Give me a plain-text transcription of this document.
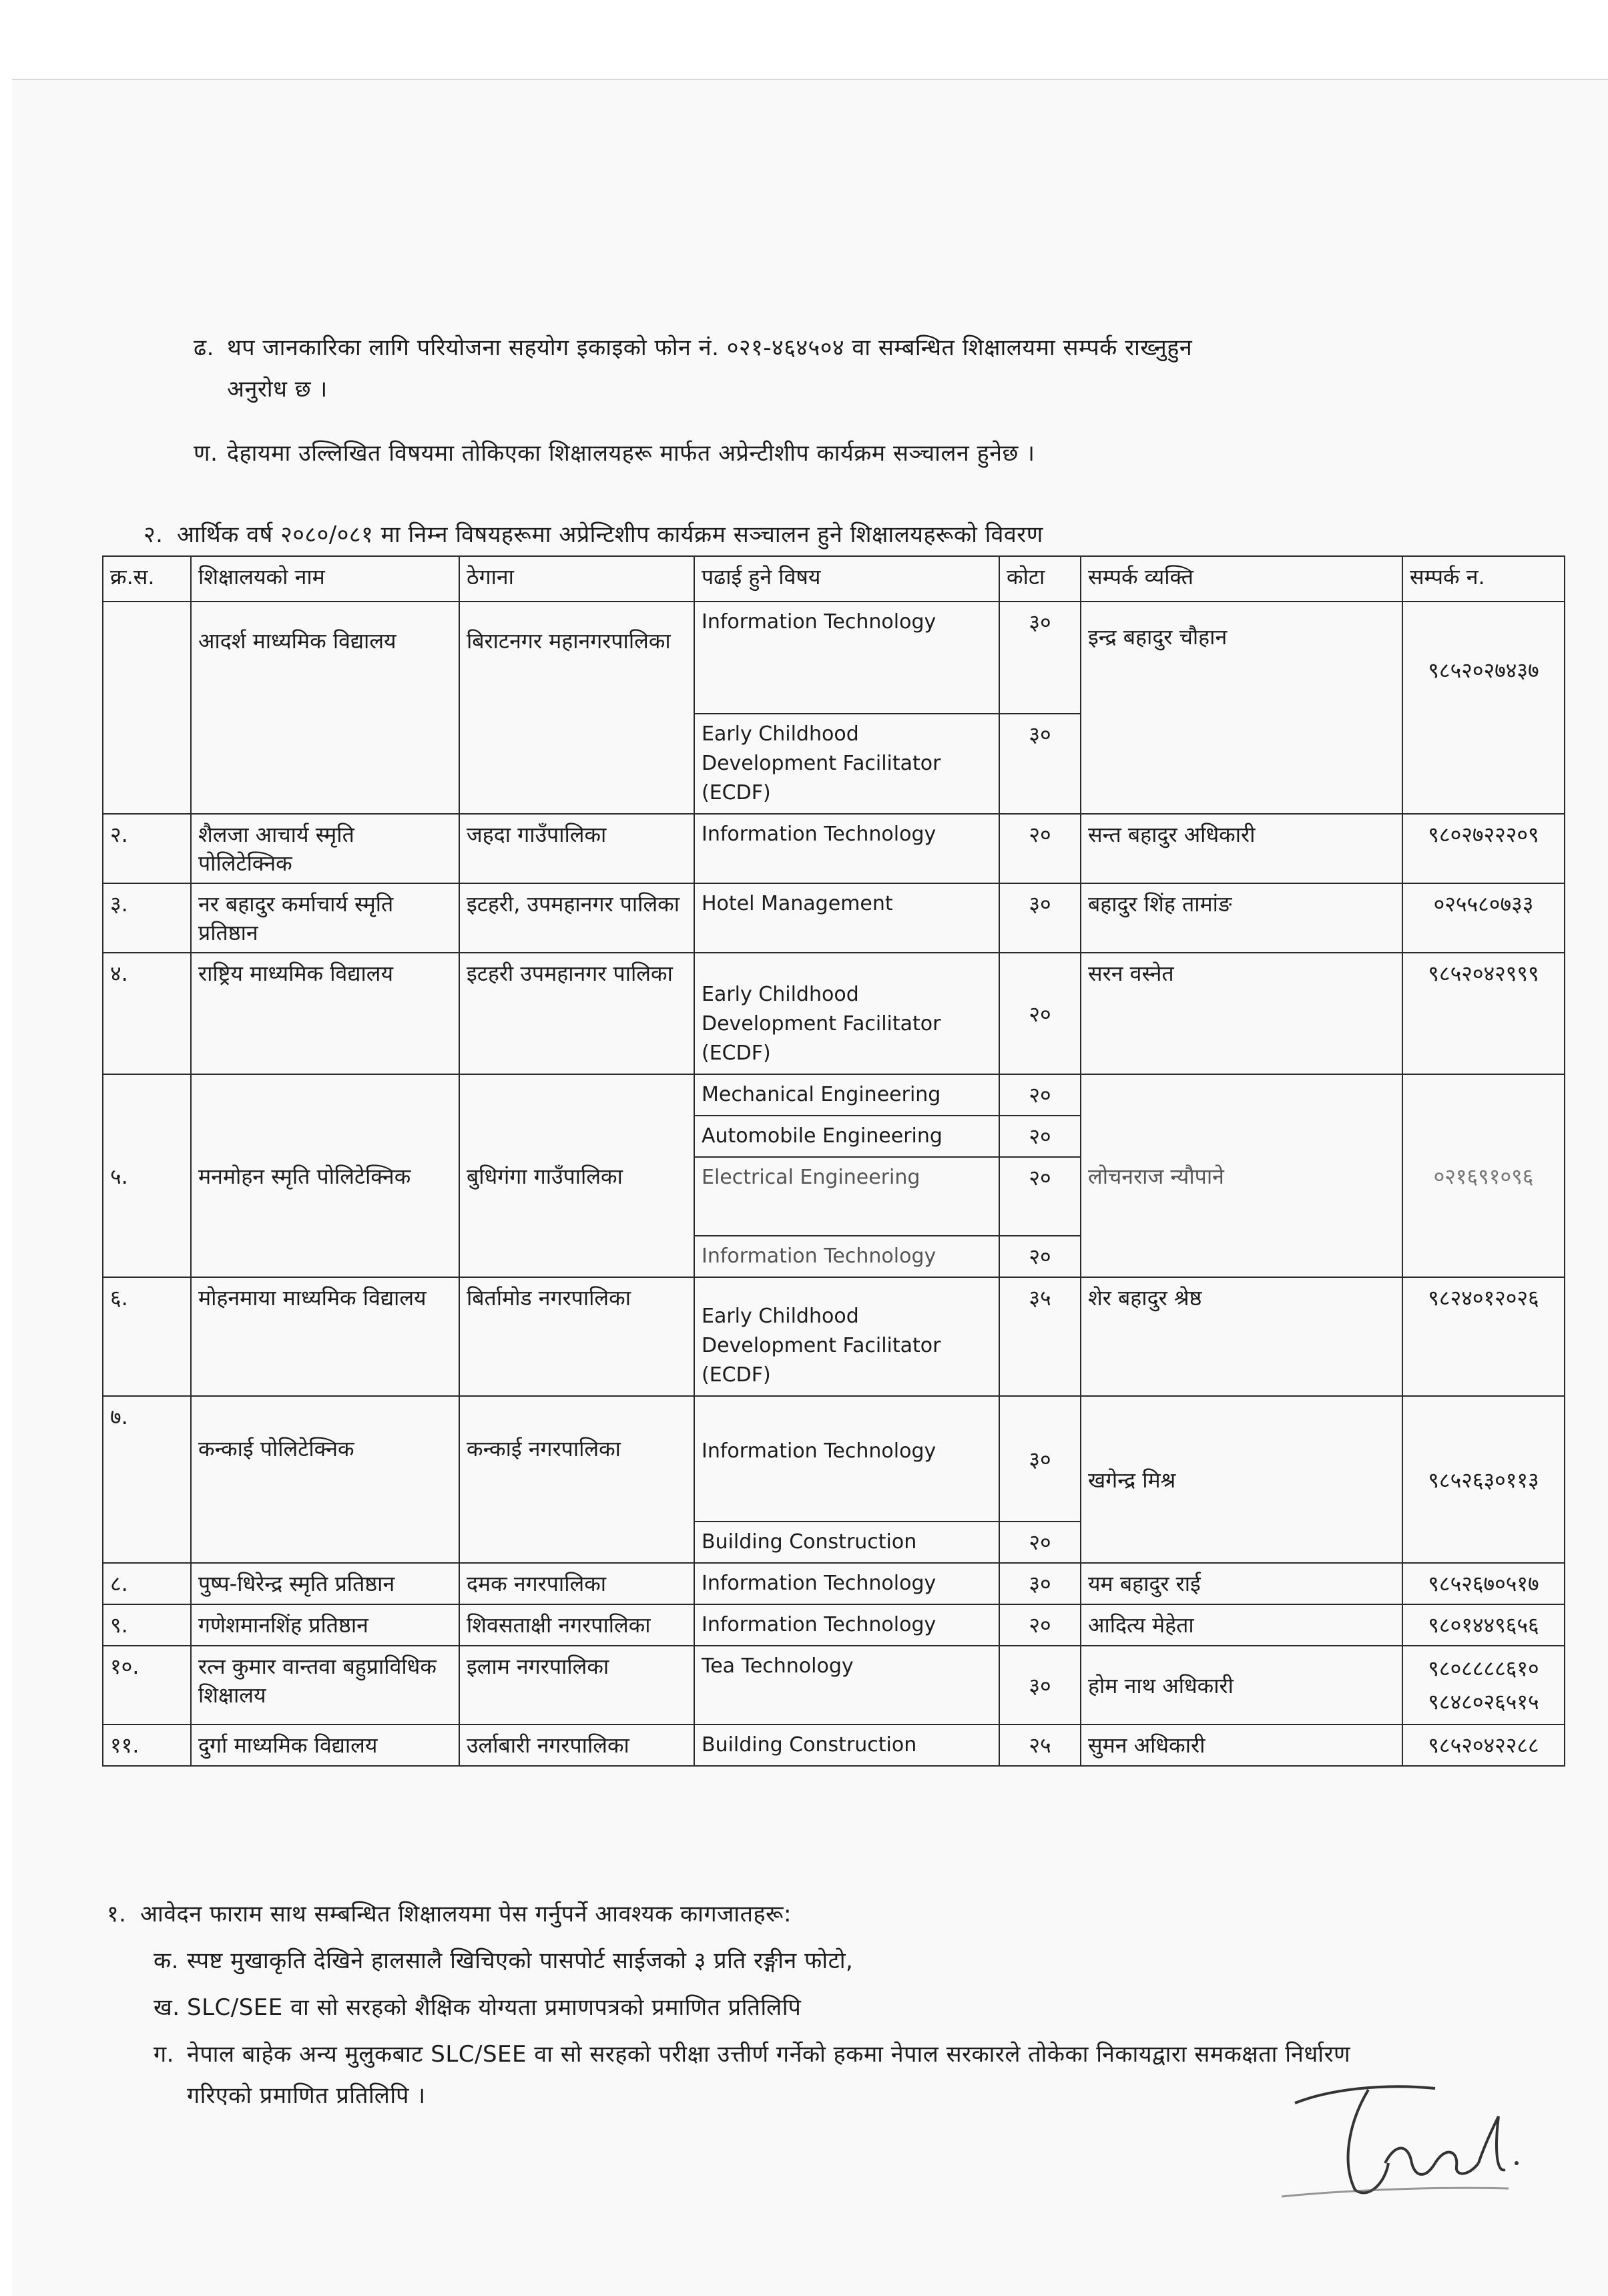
ढ. थप जानकारिका लागि परियोजना सहयोग इकाइको फोन नं. ०२१-४६४५०४ वा सम्बन्धित शिक्षालयमा सम्पर्क राख्नुहुन
अनुरोध छ ।
ण. देहायमा उल्लिखित विषयमा तोकिएका शिक्षालयहरू मार्फत अप्रेन्टीशीप कार्यक्रम सञ्चालन हुनेछ ।
२. आर्थिक वर्ष २०८०/०८१ मा निम्न विषयहरूमा अप्रेन्टिशीप कार्यक्रम सञ्चालन हुने शिक्षालयहरूको विवरण
क्र.स.	शिक्षालयको नाम	ठेगाना	पढाई हुने विषय	कोटा	सम्पर्क व्यक्ति	सम्पर्क न.
	आदर्श माध्यमिक विद्यालय	बिराटनगर महानगरपालिका	Information Technology	३०	इन्द्र बहादुर चौहान	९८५२०२७४३७
			Early Childhood Development Facilitator (ECDF)	३०		
२.	शैलजा आचार्य स्मृति पोलिटेक्निक	जहदा गाउँपालिका	Information Technology	२०	सन्त बहादुर अधिकारी	९८०२७२२२०९
३.	नर बहादुर कर्माचार्य स्मृति प्रतिष्ठान	इटहरी, उपमहानगर पालिका	Hotel Management	३०	बहादुर शिंह तामांङ	०२५५८०७३३
४.	राष्ट्रिय माध्यमिक विद्यालय	इटहरी उपमहानगर पालिका	Early Childhood Development Facilitator (ECDF)	२०	सरन वस्नेत	९८५२०४२९९९
५.	मनमोहन स्मृति पोलिटेक्निक	बुधिगंगा गाउँपालिका	Mechanical Engineering	२०	लोचनराज न्यौपाने	०२१६९१०९६
			Automobile Engineering	२०		
			Electrical Engineering	२०		
			Information Technology	२०		
६.	मोहनमाया माध्यमिक विद्यालय	बिर्तामोड नगरपालिका	Early Childhood Development Facilitator (ECDF)	३५	शेर बहादुर श्रेष्ठ	९८२४०१२०२६
७.	कन्काई पोलिटेक्निक	कन्काई नगरपालिका	Information Technology	३०	खगेन्द्र मिश्र	९८५२६३०११३
			Building Construction	२०		
८.	पुष्प-धिरेन्द्र स्मृति प्रतिष्ठान	दमक नगरपालिका	Information Technology	३०	यम बहादुर राई	९८५२६७०५१७
९.	गणेशमानशिंह प्रतिष्ठान	शिवसताक्षी नगरपालिका	Information Technology	२०	आदित्य मेहेता	९८०१४४९६५६
१०.	रत्न कुमार वान्तवा बहुप्राविधिक शिक्षालय	इलाम नगरपालिका	Tea Technology	३०	होम नाथ अधिकारी	९८०८८८८६१० ९८४८०२६५१५
११.	दुर्गा माध्यमिक विद्यालय	उर्लाबारी नगरपालिका	Building Construction	२५	सुमन अधिकारी	९८५२०४२२८८
१. आवेदन फाराम साथ सम्बन्धित शिक्षालयमा पेस गर्नुपर्ने आवश्यक कागजातहरू:
क. स्पष्ट मुखाकृति देखिने हालसालै खिचिएको पासपोर्ट साईजको ३ प्रति रङ्गीन फोटो,
ख. SLC/SEE वा सो सरहको शैक्षिक योग्यता प्रमाणपत्रको प्रमाणित प्रतिलिपि
ग. नेपाल बाहेक अन्य मुलुकबाट SLC/SEE वा सो सरहको परीक्षा उत्तीर्ण गर्नेको हकमा नेपाल सरकारले तोकेका निकायद्वारा समकक्षता निर्धारण
गरिएको प्रमाणित प्रतिलिपि ।
